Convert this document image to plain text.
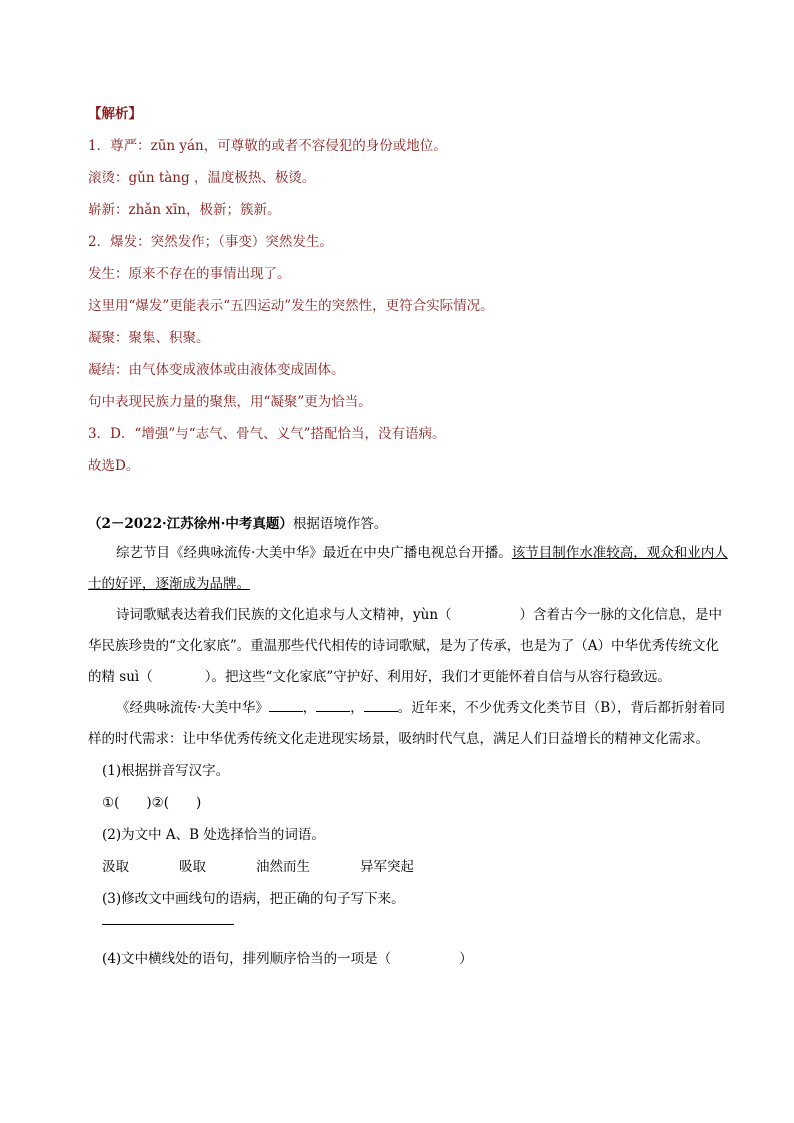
【解析】
1．尊严：zūn yán，可尊敬的或者不容侵犯的身份或地位。
滚烫：gǔn tàng ，温度极热、极烫。
崭新：zhǎn xīn，极新；簇新。
2．爆发：突然发作；（事变）突然发生。
发生：原来不存在的事情出现了。
这里用“爆发”更能表示“五四运动”发生的突然性，更符合实际情况。
凝聚：聚集、积聚。
凝结：由气体变成液体或由液体变成固体。
句中表现民族力量的聚焦，用“凝聚”更为恰当。
3．D．“增强”与“志气、骨气、义气”搭配恰当，没有语病。
故选D。
（2－2022·江苏徐州·中考真题）根据语境作答。

综艺节目《经典咏流传·大美中华》最近在中央广播电视总台开播。该节目制作水准较高，观众和业内人士的好评，逐渐成为品牌。

诗词歌赋表达着我们民族的文化追求与人文精神，yùn（	）含着古今一脉的文化信息，是中华民族珍贵的“文化家底”。重温那些代代相传的诗词歌赋，是为了传承，也是为了（A）中华优秀传统文化的精 suì（	）。把这些“文化家底”守护好、利用好，我们才更能怀着自信与从容行稳致远。

《经典咏流传·大美中华》	，	，	。近年来，不少优秀文化类节目（B），背后都折射着同样的时代需求：让中华优秀传统文化走进现实场景，吸纳时代气息，满足人们日益增长的精神文化需求。

(1)根据拼音写汉字。
①(　　)②(　　)
(2)为文中 A、B 处选择恰当的词语。
汲取	吸取	油然而生	异军突起
(3)修改文中画线句的语病，把正确的句子写下来。
(4)文中横线处的语句，排列顺序恰当的一项是（	）
